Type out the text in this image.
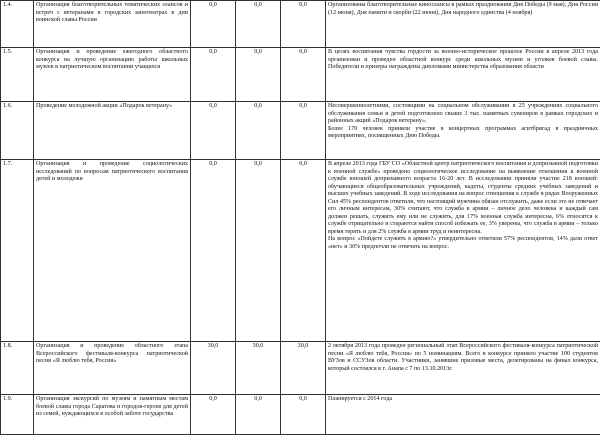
1.4.	Организация благотворительных тематических сеансов и встреч с ветеранами в городских кинотеатрах в дни воинской славы России	0,0	0,0	0,0	Организованы благотворительные киносеансы в рамках празднования Дня Победы (9 мая), Дня России (12 июня), Дня памяти и скорби (22 июня), Дня народного единства (4 ноября)
1.5.	Организация и проведение ежегодного областного конкурса на лучшую организацию работы школьных музеев в патриотическом воспитании учащихся	0,0	0,0	0,0	В целях воспитания чувства гордости за военно-историческое прошлое России в апреле 2013 года организован и проведен областной конкурс среди школьных музеев и уголков боевой славы. Победители и призеры награждены дипломами министерства образования области
1.6.	Проведение молодежной акции «Подарок ветерану»	0,0	0,0	0,0	Несовершеннолетними, состоящими на социальном обслуживании в 25 учреждениях социального обслуживания семьи и детей подготовлено свыше 3 тыс. памятных сувениров в рамках городских и районных акций «Подарок ветерану».
Более 170 человек приняли участие в концертных программах агитбригад в праздничных мероприятиях, посвященных Дню Победы.

1.7.	Организация и проведение социологических исследований по вопросам патриотического воспитания детей и молодежи	0,0	0,0	0,0	В апреле 2013 года ГБУ СО «Областной центр патриотического воспитания и допризывной подготовки к военной службе» проведено социологическое исследование на выявление отношения к военной службе юношей допризывного возраста 16-20 лет. В исследовании приняли участие 218 юношей: обучающиеся общеобразовательных учреждений, кадеты, студенты средних учебных заведений и высших учебных заведений. В ходе исследования на вопрос отношения к службе в рядах Вооруженных Сил 45% респондентов ответили, что настоящий мужчина обязан отслужить, даже если это не отвечает его личным интересам, 30% считают, что служба в армии – личное дело человека и каждый сам должен решать, служить ему или не служить, для 17% военная служба интересна, 6% относятся к службе отрицательно и стараются найти способ избежать ее, 3% уверены, что служба в армии – только время терять и для 2% служба в армии труд и неинтересна.
На вопрос «Пойдете служить в армию?» утвердительно ответили 57% респондентов, 14% дали ответ «нет» и 30% предпочли не отвечать на вопрос.

1.8.	Организация и проведение областного этапа Всероссийского фестиваля-конкурса патриотической песни «Я люблю тебя, Россия»	30,0	30,0	30,0	2 октября 2013 года проведен региональный этап Всероссийского фестиваля-конкурса патриотической песни «Я люблю тебя, Россия» по 5 номинациям. Всего в конкурсе приняло участие 100 студентов ВУЗов и ССУЗов области. Участники, занявшие призовые места, делегированы на финал конкурса, который состоялся в г. Анапа с 7 по 13.10.2013г.
1.9.	Организация экскурсий по музеям и памятным местам боевой славы города Саратова и городов-героев для детей из семей, нуждающихся в особой заботе государства	0,0	0,0	0,0	Планируется с 2014 года
